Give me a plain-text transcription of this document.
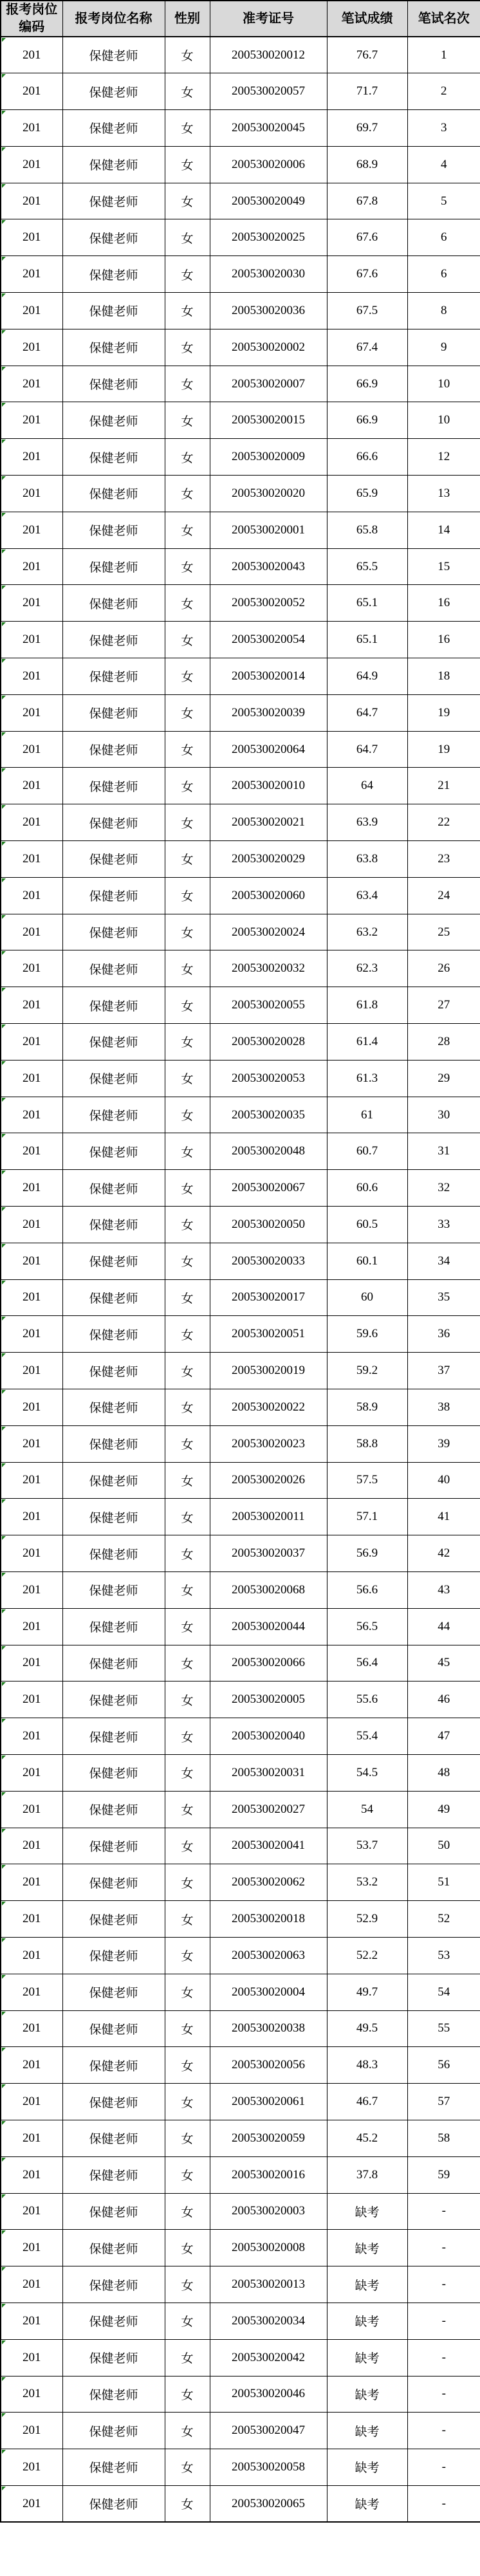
报考岗位编码	报考岗位名称	性别	准考证号	笔试成绩	笔试名次

201	保健老师	女	200530020012	76.7	1

201	保健老师	女	200530020057	71.7	2

201	保健老师	女	200530020045	69.7	3

201	保健老师	女	200530020006	68.9	4

201	保健老师	女	200530020049	67.8	5

201	保健老师	女	200530020025	67.6	6

201	保健老师	女	200530020030	67.6	6

201	保健老师	女	200530020036	67.5	8

201	保健老师	女	200530020002	67.4	9

201	保健老师	女	200530020007	66.9	10

201	保健老师	女	200530020015	66.9	10

201	保健老师	女	200530020009	66.6	12

201	保健老师	女	200530020020	65.9	13

201	保健老师	女	200530020001	65.8	14

201	保健老师	女	200530020043	65.5	15

201	保健老师	女	200530020052	65.1	16

201	保健老师	女	200530020054	65.1	16

201	保健老师	女	200530020014	64.9	18

201	保健老师	女	200530020039	64.7	19

201	保健老师	女	200530020064	64.7	19

201	保健老师	女	200530020010	64	21

201	保健老师	女	200530020021	63.9	22

201	保健老师	女	200530020029	63.8	23

201	保健老师	女	200530020060	63.4	24

201	保健老师	女	200530020024	63.2	25

201	保健老师	女	200530020032	62.3	26

201	保健老师	女	200530020055	61.8	27

201	保健老师	女	200530020028	61.4	28

201	保健老师	女	200530020053	61.3	29

201	保健老师	女	200530020035	61	30

201	保健老师	女	200530020048	60.7	31

201	保健老师	女	200530020067	60.6	32

201	保健老师	女	200530020050	60.5	33

201	保健老师	女	200530020033	60.1	34

201	保健老师	女	200530020017	60	35

201	保健老师	女	200530020051	59.6	36

201	保健老师	女	200530020019	59.2	37

201	保健老师	女	200530020022	58.9	38

201	保健老师	女	200530020023	58.8	39

201	保健老师	女	200530020026	57.5	40

201	保健老师	女	200530020011	57.1	41

201	保健老师	女	200530020037	56.9	42

201	保健老师	女	200530020068	56.6	43

201	保健老师	女	200530020044	56.5	44

201	保健老师	女	200530020066	56.4	45

201	保健老师	女	200530020005	55.6	46

201	保健老师	女	200530020040	55.4	47

201	保健老师	女	200530020031	54.5	48

201	保健老师	女	200530020027	54	49

201	保健老师	女	200530020041	53.7	50

201	保健老师	女	200530020062	53.2	51

201	保健老师	女	200530020018	52.9	52

201	保健老师	女	200530020063	52.2	53

201	保健老师	女	200530020004	49.7	54

201	保健老师	女	200530020038	49.5	55

201	保健老师	女	200530020056	48.3	56

201	保健老师	女	200530020061	46.7	57

201	保健老师	女	200530020059	45.2	58

201	保健老师	女	200530020016	37.8	59

201	保健老师	女	200530020003	缺考	-

201	保健老师	女	200530020008	缺考	-

201	保健老师	女	200530020013	缺考	-

201	保健老师	女	200530020034	缺考	-

201	保健老师	女	200530020042	缺考	-

201	保健老师	女	200530020046	缺考	-

201	保健老师	女	200530020047	缺考	-

201	保健老师	女	200530020058	缺考	-

201	保健老师	女	200530020065	缺考	-
